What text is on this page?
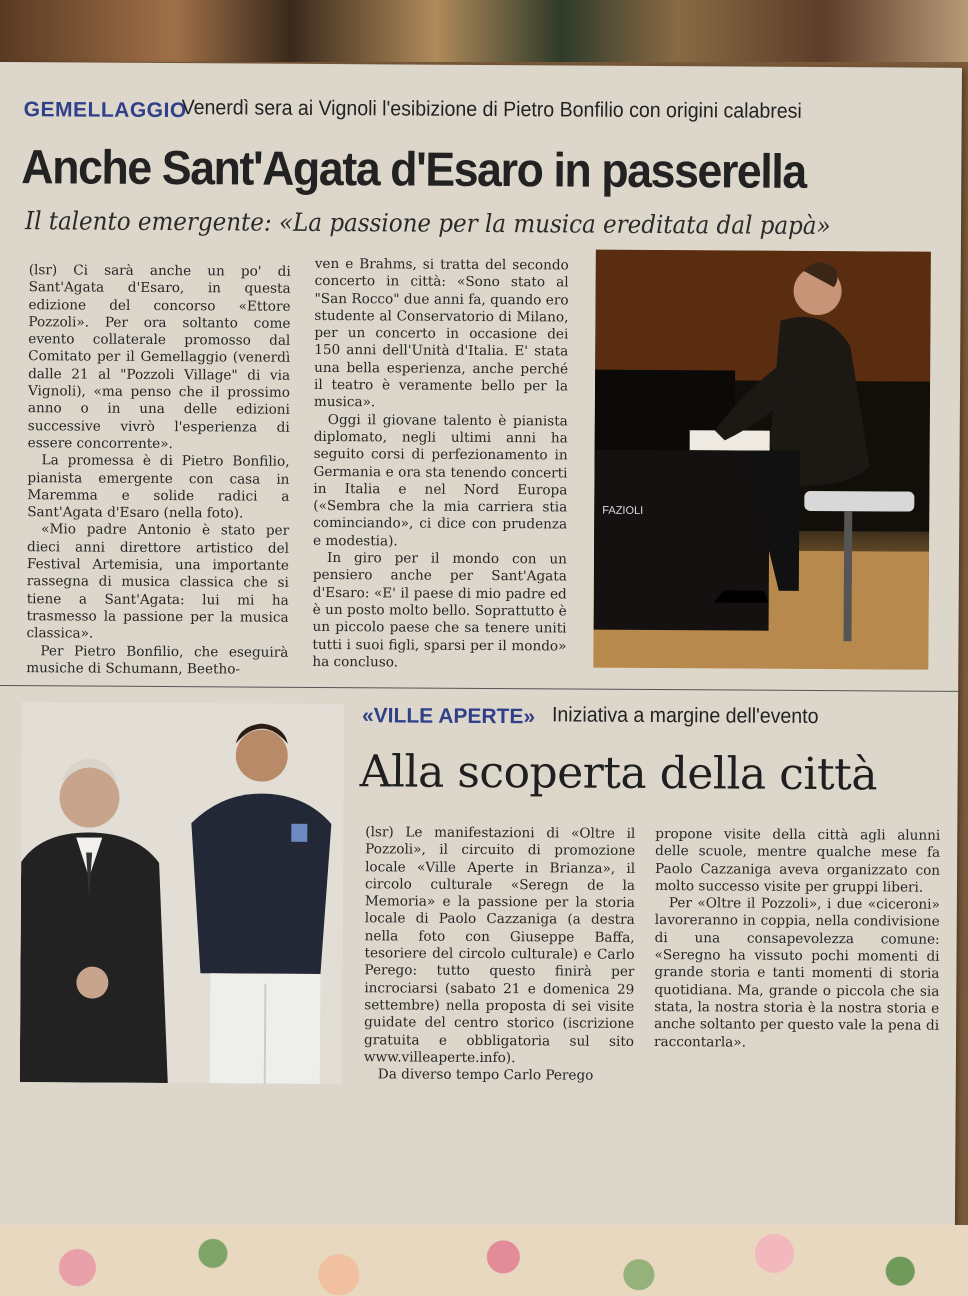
GEMELLAGGIO
Venerdì sera ai Vignoli l'esibizione di Pietro Bonfilio con origini calabresi
Anche Sant'Agata d'Esaro in passerella
Il talento emergente: «La passione per la musica ereditata dal papà»

(lsr) Ci sarà anche un po' di Sant'Agata d'Esaro, in questa edizione del concorso «Ettore Pozzoli». Per ora soltanto come evento collaterale promosso dal Comitato per il Gemellaggio (venerdì dalle 21 al "Pozzoli Village" di via Vignoli), «ma penso che il prossimo anno o in una delle edizioni successive vivrò l'esperienza di essere concorrente».

La promessa è di Pietro Bonfilio, pianista emergente con casa in Maremma e solide radici a Sant'Agata d'Esaro (nella foto).

«Mio padre Antonio è stato per dieci anni direttore artistico del Festival Artemisia, una importante rassegna di musica classica che si tiene a Sant'Agata: lui mi ha trasmesso la passione per la musica classica».

Per Pietro Bonfilio, che eseguirà musiche di Schumann, Beetho-

ven e Brahms, si tratta del secondo concerto in città: «Sono stato al "San Rocco" due anni fa, quando ero studente al Conservatorio di Milano, per un concerto in occasione dei 150 anni dell'Unità d'Italia. E' stata una bella esperienza, anche perché il teatro è veramente bello per la musica».

Oggi il giovane talento è pianista diplomato, negli ultimi anni ha seguito corsi di perfezionamento in Germania e ora sta tenendo concerti in Italia e nel Nord Europa («Sembra che la mia carriera stia cominciando», ci dice con prudenza e modestia).

In giro per il mondo con un pensiero anche per Sant'Agata d'Esaro: «E' il paese di mio padre ed è un posto molto bello. Soprattutto è un piccolo paese che sa tenere uniti tutti i suoi figli, sparsi per il mondo» ha concluso.

FAZIOLI
«VILLE APERTE» Iniziativa a margine dell'evento
Alla scoperta della città

(lsr) Le manifestazioni di «Oltre il Pozzoli», il circuito di promozione locale «Ville Aperte in Brianza», il circolo culturale «Seregn de la Memoria» e la passione per la storia locale di Paolo Cazzaniga (a destra nella foto con Giuseppe Baffa, tesoriere del circolo culturale) e Carlo Perego: tutto questo finirà per incrociarsi (sabato 21 e domenica 29 settembre) nella proposta di sei visite guidate del centro storico (iscrizione gratuita e obbligatoria sul sito www.villeaperte.info).

Da diverso tempo Carlo Perego

propone visite della città agli alunni delle scuole, mentre qualche mese fa Paolo Cazzaniga aveva organizzato con molto successo visite per gruppi liberi.

Per «Oltre il Pozzoli», i due «ciceroni» lavoreranno in coppia, nella condivisione di una consapevolezza comune: «Seregno ha vissuto pochi momenti di grande storia e tanti momenti di storia quotidiana. Ma, grande o piccola che sia stata, la nostra storia è la nostra storia e anche soltanto per questo vale la pena di raccontarla».
